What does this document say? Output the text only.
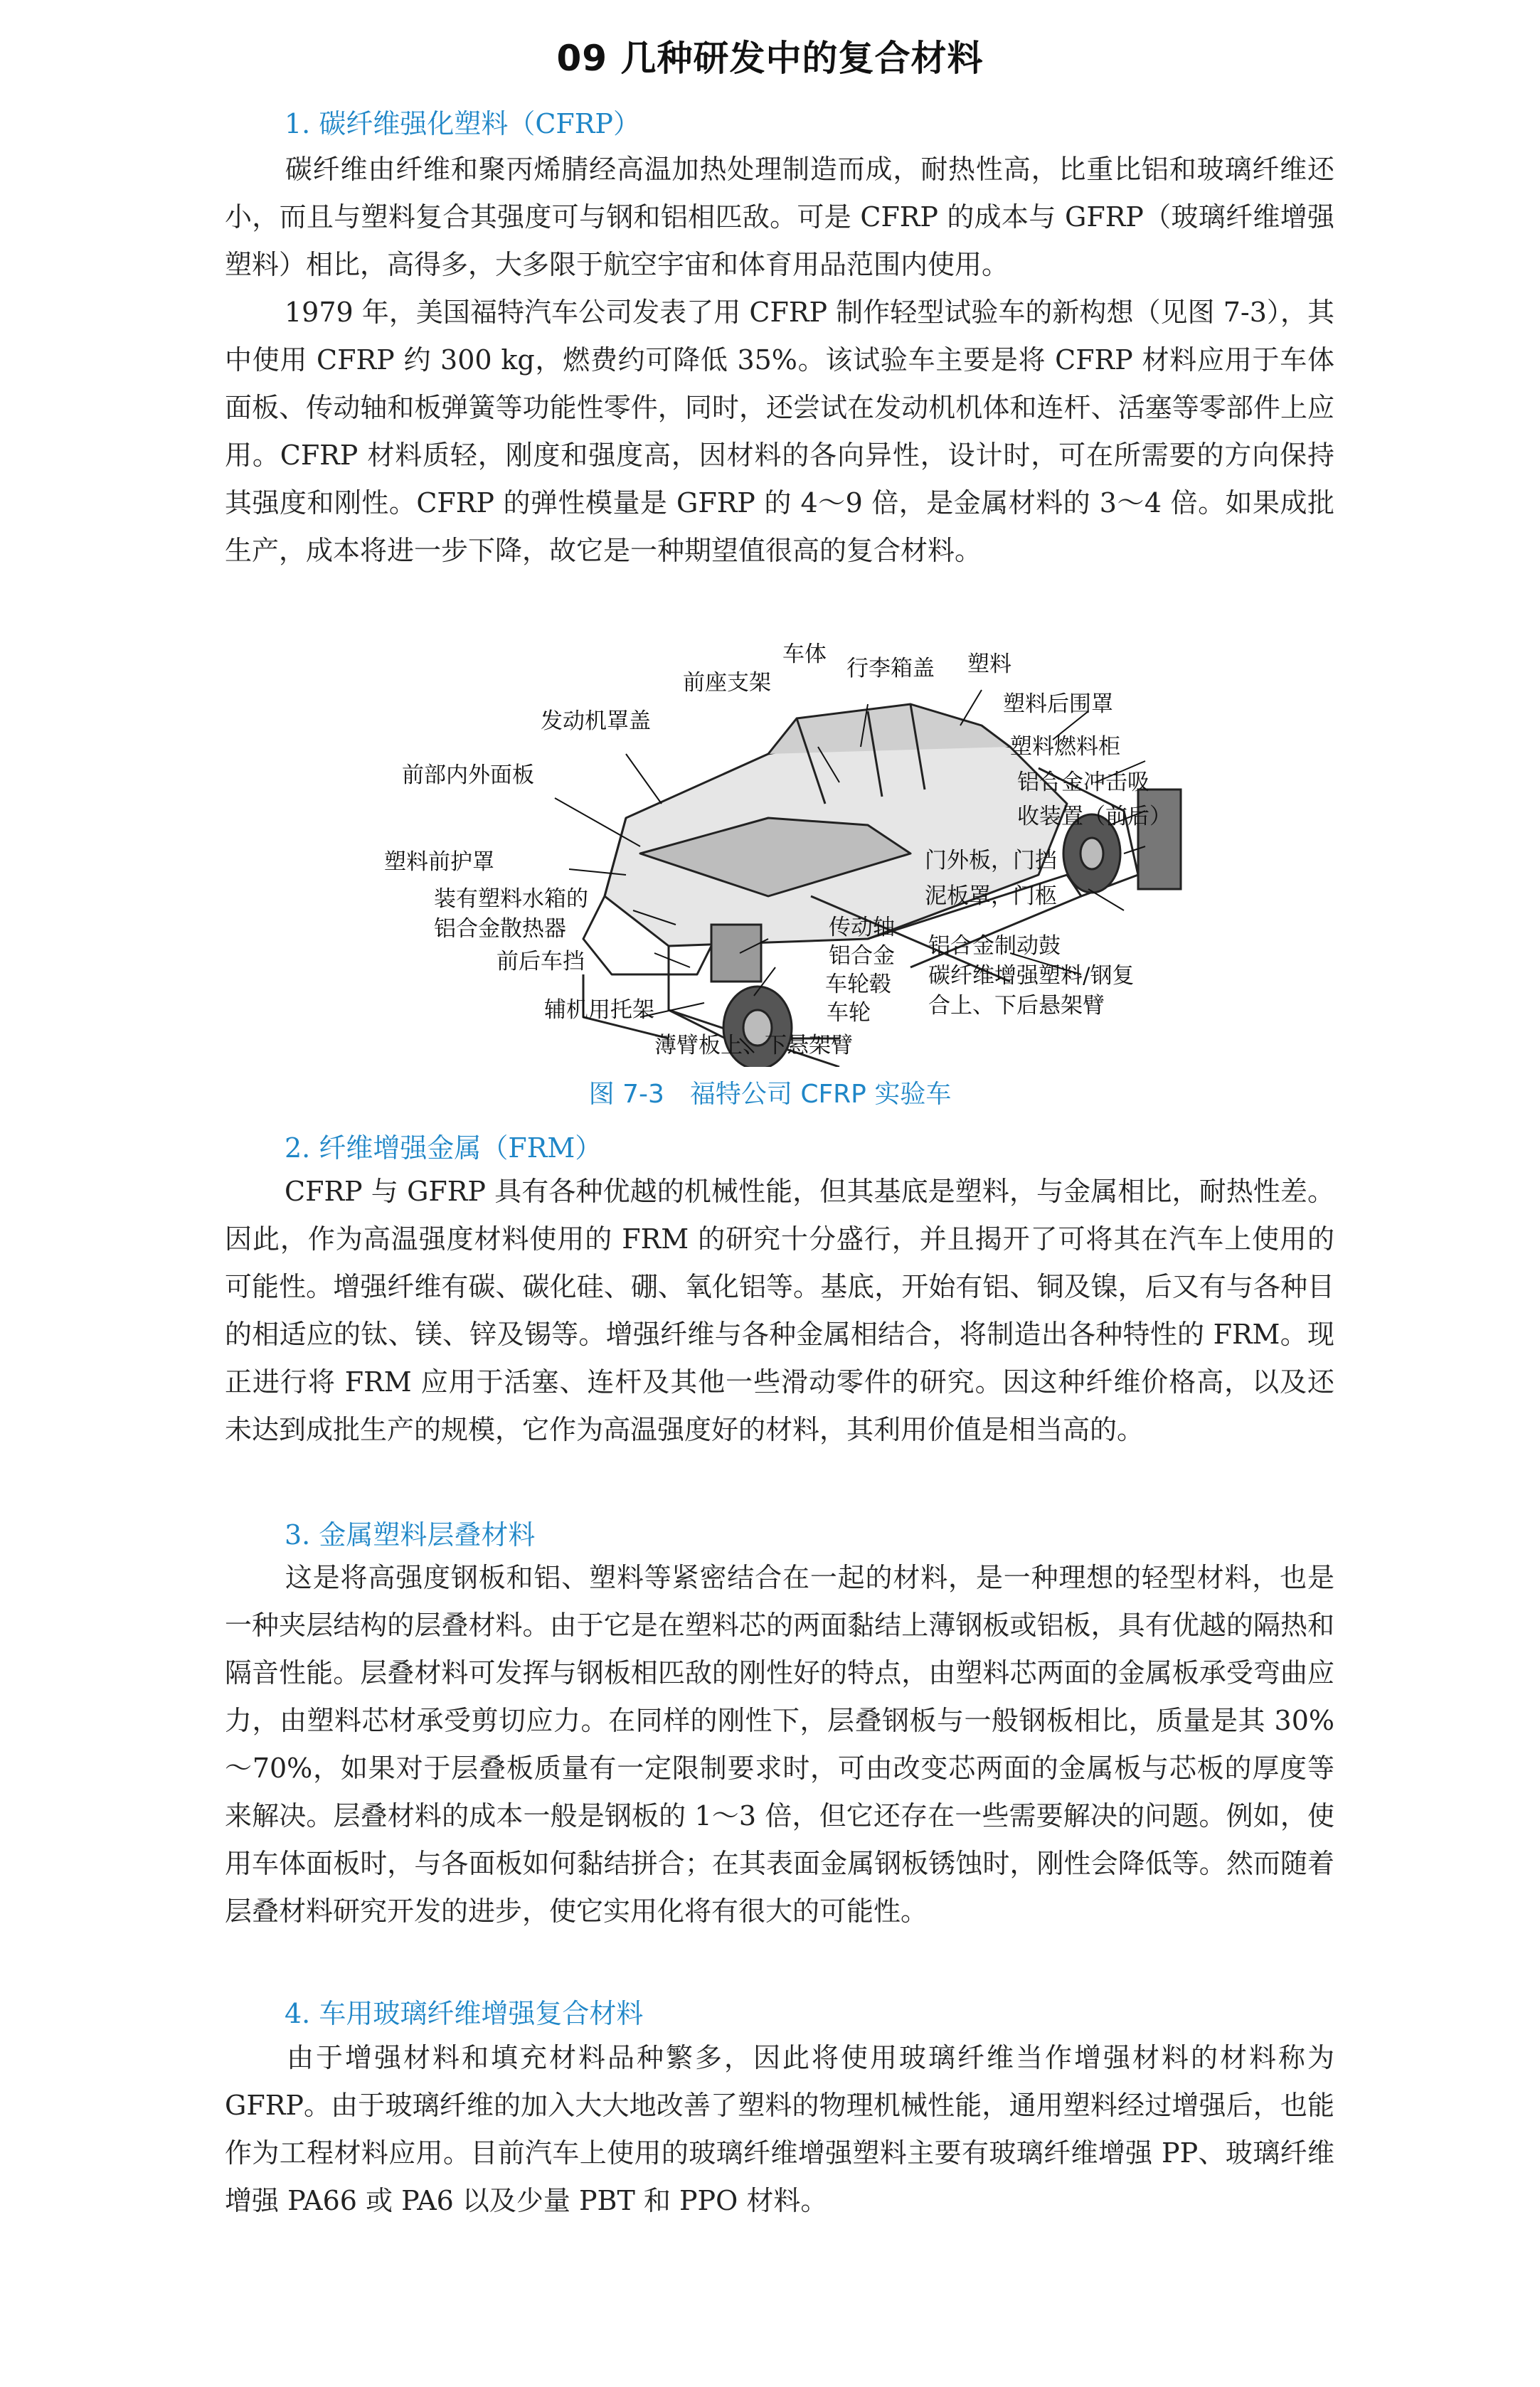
09 几种研发中的复合材料
1. 碳纤维强化塑料（CFRP）

碳纤维由纤维和聚丙烯腈经高温加热处理制造而成，耐热性高，比重比铝和玻璃纤维还小，而且与塑料复合其强度可与钢和铝相匹敌。可是 CFRP 的成本与 GFRP（玻璃纤维增强塑料）相比，高得多，大多限于航空宇宙和体育用品范围内使用。

1979 年，美国福特汽车公司发表了用 CFRP 制作轻型试验车的新构想（见图 7-3），其中使用 CFRP 约 300 kg，燃费约可降低 35%。该试验车主要是将 CFRP 材料应用于车体面板、传动轴和板弹簧等功能性零件，同时，还尝试在发动机机体和连杆、活塞等零部件上应用。CFRP 材料质轻，刚度和强度高，因材料的各向异性，设计时，可在所需要的方向保持其强度和刚性。CFRP 的弹性模量是 GFRP 的 4～9 倍，是金属材料的 3～4 倍。如果成批生产，成本将进一步下降，故它是一种期望值很高的复合材料。

车体
前座支架
行李箱盖 塑料
塑料后围罩
发动机罩盖
塑料燃料柜
前部内外面板	铝合金冲击吸
收装置（前后）
塑料前护罩	门外板，门挡
泥板罩，门柩
装有塑料水箱的
铝合金散热器	传动轴
铝合金
车轮毂
前后车挡
铝合金制动鼓
碳纤维增强塑料/钢复
合上、下后悬架臂
车轮
辅机用托架
薄臂板上、下悬架臂
图 7-3　福特公司 CFRP 实验车
2. 纤维增强金属（FRM）

CFRP 与 GFRP 具有各种优越的机械性能，但其基底是塑料，与金属相比，耐热性差。因此，作为高温强度材料使用的 FRM 的研究十分盛行，并且揭开了可将其在汽车上使用的可能性。增强纤维有碳、碳化硅、硼、氧化铝等。基底，开始有铝、铜及镍，后又有与各种目的相适应的钛、镁、锌及锡等。增强纤维与各种金属相结合，将制造出各种特性的 FRM。现正进行将 FRM 应用于活塞、连杆及其他一些滑动零件的研究。因这种纤维价格高，以及还未达到成批生产的规模，它作为高温强度好的材料，其利用价值是相当高的。

3. 金属塑料层叠材料

这是将高强度钢板和铝、塑料等紧密结合在一起的材料，是一种理想的轻型材料，也是一种夹层结构的层叠材料。由于它是在塑料芯的两面黏结上薄钢板或铝板，具有优越的隔热和隔音性能。层叠材料可发挥与钢板相匹敌的刚性好的特点，由塑料芯两面的金属板承受弯曲应力，由塑料芯材承受剪切应力。在同样的刚性下，层叠钢板与一般钢板相比，质量是其 30%～70%，如果对于层叠板质量有一定限制要求时，可由改变芯两面的金属板与芯板的厚度等来解决。层叠材料的成本一般是钢板的 1～3 倍，但它还存在一些需要解决的问题。例如，使用车体面板时，与各面板如何黏结拼合；在其表面金属钢板锈蚀时，刚性会降低等。然而随着层叠材料研究开发的进步，使它实用化将有很大的可能性。

4. 车用玻璃纤维增强复合材料

由于增强材料和填充材料品种繁多，因此将使用玻璃纤维当作增强材料的材料称为 GFRP。由于玻璃纤维的加入大大地改善了塑料的物理机械性能，通用塑料经过增强后，也能作为工程材料应用。目前汽车上使用的玻璃纤维增强塑料主要有玻璃纤维增强 PP、玻璃纤维增强 PA66 或 PA6 以及少量 PBT 和 PPO 材料。
